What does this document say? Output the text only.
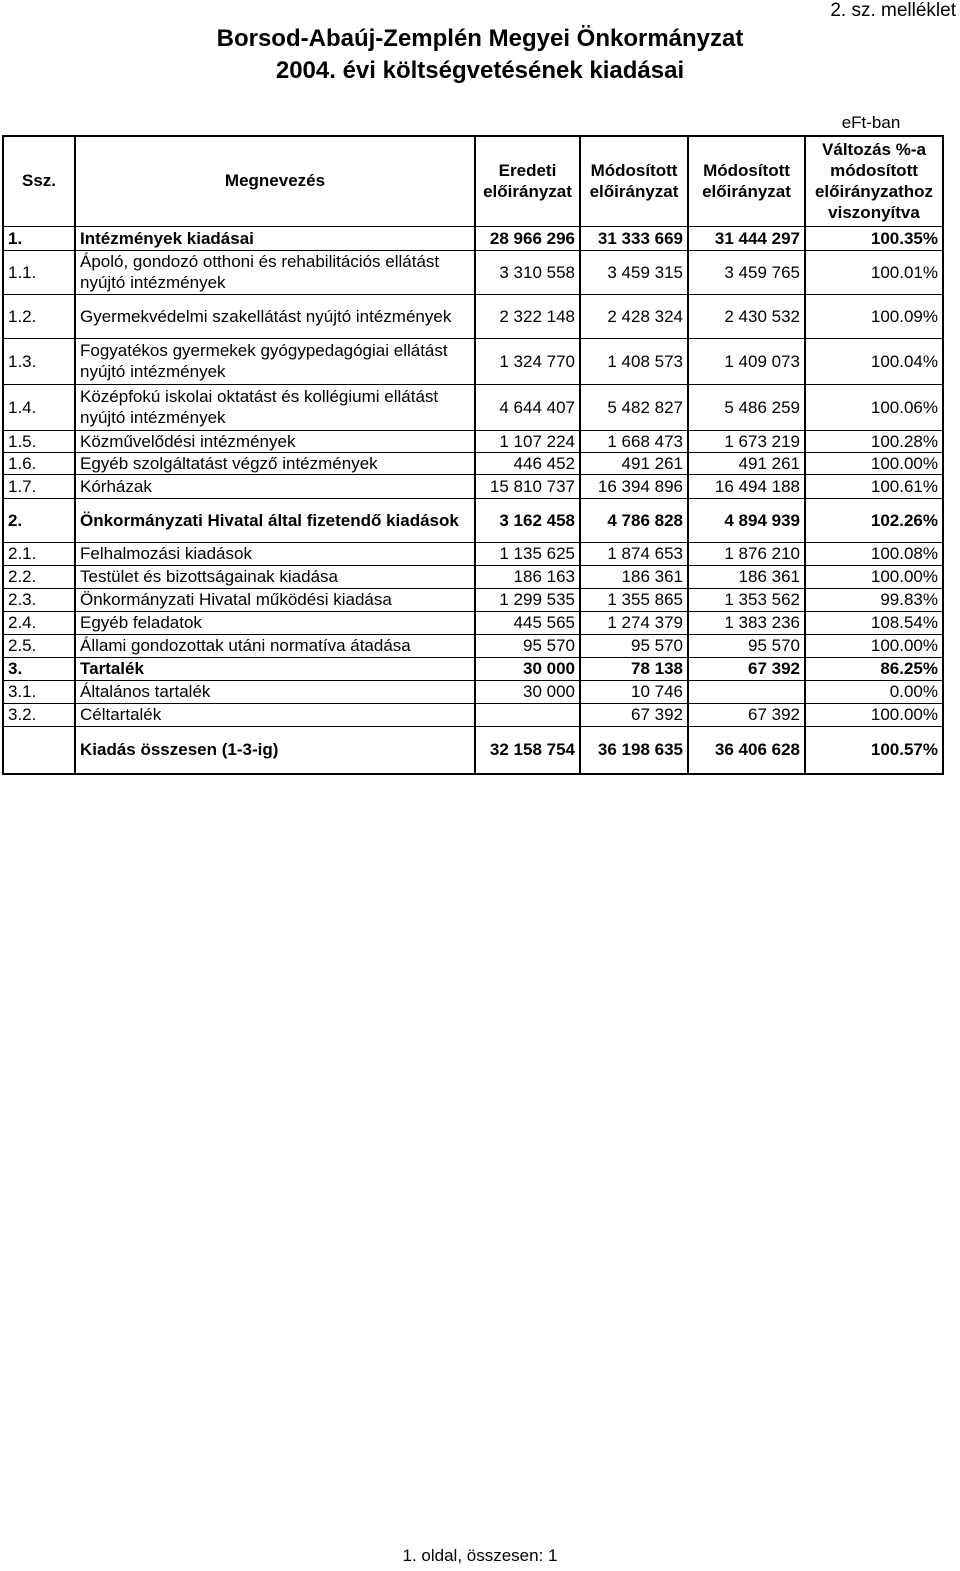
2. sz. melléklet
Borsod-Abaúj-Zemplén Megyei Önkormányzat
2004. évi költségvetésének kiadásai
eFt-ban
Ssz.	Megnevezés	Eredeti előirányzat	Módosított előirányzat	Módosított előirányzat	Változás %-a módosított előirányzathoz viszonyítva
1.	Intézmények kiadásai	28 966 296	31 333 669	31 444 297	100.35%
1.1.	Ápoló, gondozó otthoni és rehabilitációs ellátást nyújtó intézmények	3 310 558	3 459 315	3 459 765	100.01%
1.2.	Gyermekvédelmi szakellátást nyújtó intézmények	2 322 148	2 428 324	2 430 532	100.09%
1.3.	Fogyatékos gyermekek gyógypedagógiai ellátást nyújtó intézmények	1 324 770	1 408 573	1 409 073	100.04%
1.4.	Középfokú iskolai oktatást és kollégiumi ellátást nyújtó intézmények	4 644 407	5 482 827	5 486 259	100.06%
1.5.	Közművelődési intézmények	1 107 224	1 668 473	1 673 219	100.28%
1.6.	Egyéb szolgáltatást végző intézmények	446 452	491 261	491 261	100.00%
1.7.	Kórházak	15 810 737	16 394 896	16 494 188	100.61%
2.	Önkormányzati Hivatal által fizetendő kiadások	3 162 458	4 786 828	4 894 939	102.26%
2.1.	Felhalmozási kiadások	1 135 625	1 874 653	1 876 210	100.08%
2.2.	Testület és bizottságainak kiadása	186 163	186 361	186 361	100.00%
2.3.	Önkormányzati Hivatal működési kiadása	1 299 535	1 355 865	1 353 562	99.83%
2.4.	Egyéb feladatok	445 565	1 274 379	1 383 236	108.54%
2.5.	Állami gondozottak utáni normatíva átadása	95 570	95 570	95 570	100.00%
3.	Tartalék	30 000	78 138	67 392	86.25%
3.1.	Általános tartalék	30 000	10 746		0.00%
3.2.	Céltartalék		67 392	67 392	100.00%
	Kiadás összesen (1-3-ig)	32 158 754	36 198 635	36 406 628	100.57%
1. oldal, összesen: 1
